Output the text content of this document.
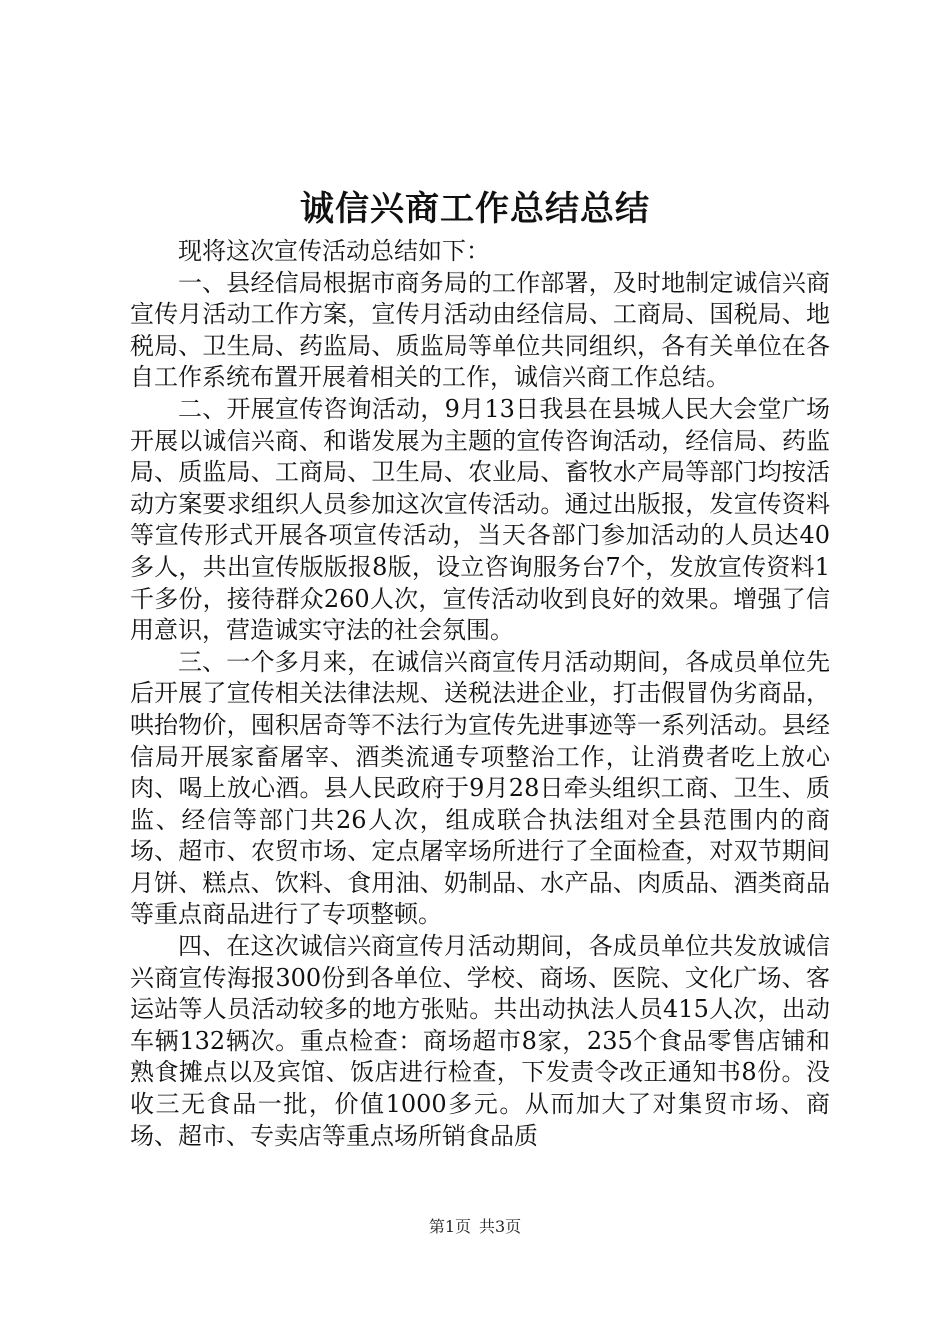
诚信兴商工作总结总结

现将这次宣传活动总结如下：

一、县经信局根据市商务局的工作部署，及时地制定诚信兴商宣传月活动工作方案，宣传月活动由经信局、工商局、国税局、地税局、卫生局、药监局、质监局等单位共同组织，各有关单位在各自工作系统布置开展着相关的工作，诚信兴商工作总结。

二、开展宣传咨询活动，9月13日我县在县城人民大会堂广场开展以诚信兴商、和谐发展为主题的宣传咨询活动，经信局、药监局、质监局、工商局、卫生局、农业局、畜牧水产局等部门均按活动方案要求组织人员参加这次宣传活动。通过出版报，发宣传资料等宣传形式开展各项宣传活动，当天各部门参加活动的人员达40多人，共出宣传版版报8版，设立咨询服务台7个，发放宣传资料1千多份，接待群众260人次，宣传活动收到良好的效果。增强了信用意识，营造诚实守法的社会氛围。

三、一个多月来，在诚信兴商宣传月活动期间，各成员单位先后开展了宣传相关法律法规、送税法进企业，打击假冒伪劣商品，哄抬物价，囤积居奇等不法行为宣传先进事迹等一系列活动。县经信局开展家畜屠宰、酒类流通专项整治工作，让消费者吃上放心肉、喝上放心酒。县人民政府于9月28日牵头组织工商、卫生、质监、经信等部门共26人次，组成联合执法组对全县范围内的商场、超市、农贸市场、定点屠宰场所进行了全面检查，对双节期间月饼、糕点、饮料、食用油、奶制品、水产品、肉质品、酒类商品等重点商品进行了专项整顿。

四、在这次诚信兴商宣传月活动期间，各成员单位共发放诚信兴商宣传海报300份到各单位、学校、商场、医院、文化广场、客运站等人员活动较多的地方张贴。共出动执法人员415人次，出动车辆132辆次。重点检查：商场超市8家，235个食品零售店铺和熟食摊点以及宾馆、饭店进行检查，下发责令改正通知书8份。没收三无食品一批，价值1000多元。从而加大了对集贸市场、商场、超市、专卖店等重点场所销食品质

第1页 共3页
